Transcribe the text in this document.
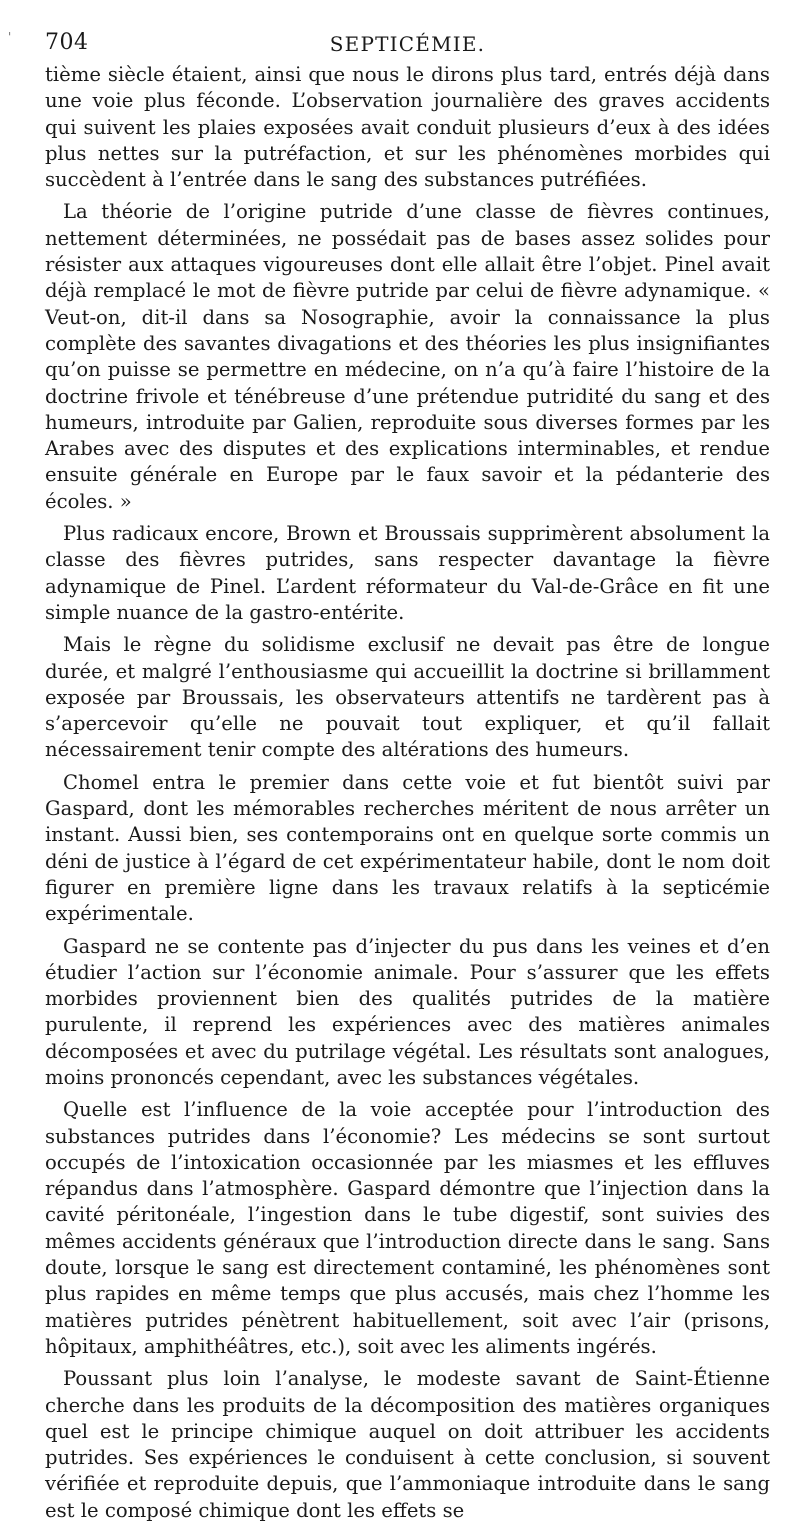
' 704	SEPTICÉMIE.

tième siècle étaient, ainsi que nous le dirons plus tard, entrés déjà dans une voie plus féconde. L’observation journalière des graves accidents qui suivent les plaies exposées avait conduit plusieurs d’eux à des idées plus nettes sur la putréfaction, et sur les phénomènes morbides qui succèdent à l’entrée dans le sang des substances putréfiées.

La théorie de l’origine putride d’une classe de fièvres continues, nettement déterminées, ne possédait pas de bases assez solides pour résister aux attaques vigoureuses dont elle allait être l’objet. Pinel avait déjà remplacé le mot de fièvre putride par celui de fièvre adynamique. « Veut-on, dit-il dans sa Nosographie, avoir la connaissance la plus complète des savantes divagations et des théories les plus insignifiantes qu’on puisse se permettre en médecine, on n’a qu’à faire l’histoire de la doctrine frivole et ténébreuse d’une prétendue putridité du sang et des humeurs, introduite par Galien, reproduite sous diverses formes par les Arabes avec des disputes et des explications interminables, et rendue ensuite générale en Europe par le faux savoir et la pédanterie des écoles. »

Plus radicaux encore, Brown et Broussais supprimèrent absolument la classe des fièvres putrides, sans respecter davantage la fièvre adynamique de Pinel. L’ardent réformateur du Val-de-Grâce en fit une simple nuance de la gastro-entérite.

Mais le règne du solidisme exclusif ne devait pas être de longue durée, et malgré l’enthousiasme qui accueillit la doctrine si brillamment exposée par Broussais, les observateurs attentifs ne tardèrent pas à s’apercevoir qu’elle ne pouvait tout expliquer, et qu’il fallait nécessairement tenir compte des altérations des humeurs.

Chomel entra le premier dans cette voie et fut bientôt suivi par Gaspard, dont les mémorables recherches méritent de nous arrêter un instant. Aussi bien, ses contemporains ont en quelque sorte commis un déni de justice à l’égard de cet expérimentateur habile, dont le nom doit figurer en première ligne dans les travaux relatifs à la septicémie expérimentale.

Gaspard ne se contente pas d’injecter du pus dans les veines et d’en étudier l’action sur l’économie animale. Pour s’assurer que les effets morbides proviennent bien des qualités putrides de la matière purulente, il reprend les expériences avec des matières animales décomposées et avec du putrilage végétal. Les résultats sont analogues, moins prononcés cependant, avec les substances végétales.

Quelle est l’influence de la voie acceptée pour l’introduction des substances putrides dans l’économie? Les médecins se sont surtout occupés de l’intoxication occasionnée par les miasmes et les effluves répandus dans l’atmosphère. Gaspard démontre que l’injection dans la cavité péritonéale, l’ingestion dans le tube digestif, sont suivies des mêmes accidents généraux que l’introduction directe dans le sang. Sans doute, lorsque le sang est directement contaminé, les phénomènes sont plus rapides en même temps que plus accusés, mais chez l’homme les matières putrides pénètrent habituellement, soit avec l’air (prisons, hôpitaux, amphithéâtres, etc.), soit avec les aliments ingérés.

Poussant plus loin l’analyse, le modeste savant de Saint-Étienne cherche dans les produits de la décomposition des matières organiques quel est le principe chimique auquel on doit attribuer les accidents putrides. Ses expériences le conduisent à cette conclusion, si souvent vérifiée et reproduite depuis, que l’ammoniaque introduite dans le sang est le composé chimique dont les effets se
